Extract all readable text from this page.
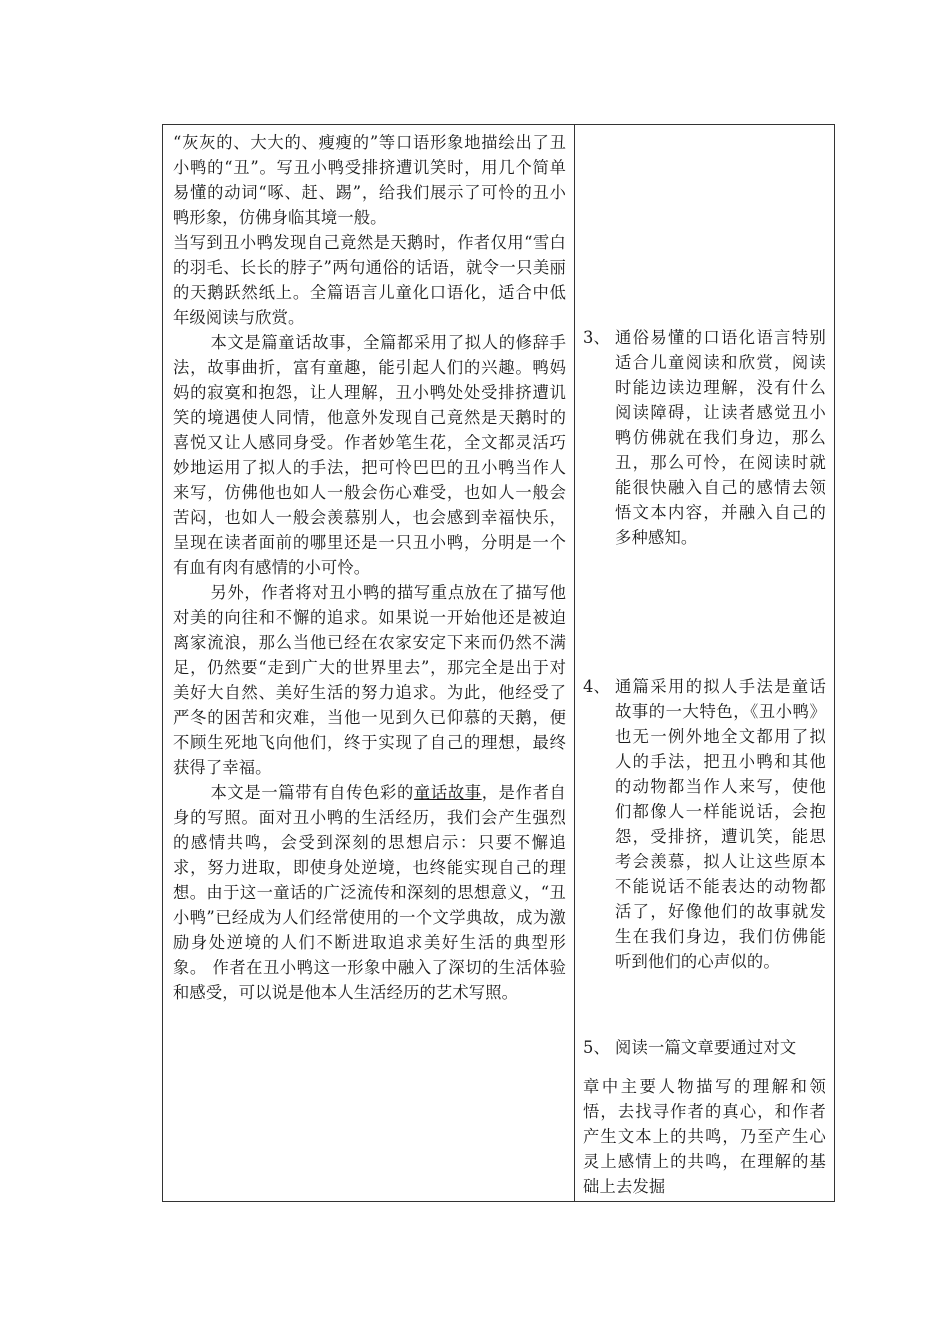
“灰灰的、大大的、瘦瘦的”等口语形象地描绘出了丑小鸭的“丑”。写丑小鸭受排挤遭讥笑时，用几个简单易懂的动词“啄、赶、踢”，给我们展示了可怜的丑小鸭形象，仿佛身临其境一般。

当写到丑小鸭发现自己竟然是天鹅时，作者仅用“雪白的羽毛、长长的脖子”两句通俗的话语，就令一只美丽的天鹅跃然纸上。全篇语言儿童化口语化，适合中低年级阅读与欣赏。

本文是篇童话故事，全篇都采用了拟人的修辞手法，故事曲折，富有童趣，能引起人们的兴趣。鸭妈妈的寂寞和抱怨，让人理解，丑小鸭处处受排挤遭讥笑的境遇使人同情，他意外发现自己竟然是天鹅时的喜悦又让人感同身受。作者妙笔生花，全文都灵活巧妙地运用了拟人的手法，把可怜巴巴的丑小鸭当作人来写，仿佛他也如人一般会伤心难受，也如人一般会苦闷，也如人一般会羡慕别人，也会感到幸福快乐，呈现在读者面前的哪里还是一只丑小鸭，分明是一个有血有肉有感情的小可怜。

另外，作者将对丑小鸭的描写重点放在了描写他对美的向往和不懈的追求。如果说一开始他还是被迫离家流浪，那么当他已经在农家安定下来而仍然不满足，仍然要“走到广大的世界里去”，那完全是出于对美好大自然、美好生活的努力追求。为此，他经受了严冬的困苦和灾难，当他一见到久已仰慕的天鹅，便不顾生死地飞向他们，终于实现了自己的理想，最终获得了幸福。

本文是一篇带有自传色彩的童话故事，是作者自身的写照。面对丑小鸭的生活经历，我们会产生强烈的感情共鸣，会受到深刻的思想启示：只要不懈追求，努力进取，即使身处逆境，也终能实现自己的理想。由于这一童话的广泛流传和深刻的思想意义，“丑小鸭”已经成为人们经常使用的一个文学典故，成为激励身处逆境的人们不断进取追求美好生活的典型形象。 作者在丑小鸭这一形象中融入了深切的生活体验和感受，可以说是他本人生活经历的艺术写照。

3、 通俗易懂的口语化语言特别适合儿童阅读和欣赏，阅读时能边读边理解，没有什么阅读障碍，让读者感觉丑小鸭仿佛就在我们身边，那么丑，那么可怜，在阅读时就能很快融入自己的感情去领悟文本内容，并融入自己的多种感知。
4、 通篇采用的拟人手法是童话故事的一大特色，《丑小鸭》也无一例外地全文都用了拟人的手法，把丑小鸭和其他的动物都当作人来写，使他们都像人一样能说话，会抱怨，受排挤，遭讥笑，能思考会羡慕，拟人让这些原本不能说话不能表达的动物都活了，好像他们的故事就发生在我们身边，我们仿佛能听到他们的心声似的。
5、 阅读一篇文章要通过对文
章中主要人物描写的理解和领悟，去找寻作者的真心，和作者产生文本上的共鸣，乃至产生心灵上感情上的共鸣，在理解的基础上去发掘
